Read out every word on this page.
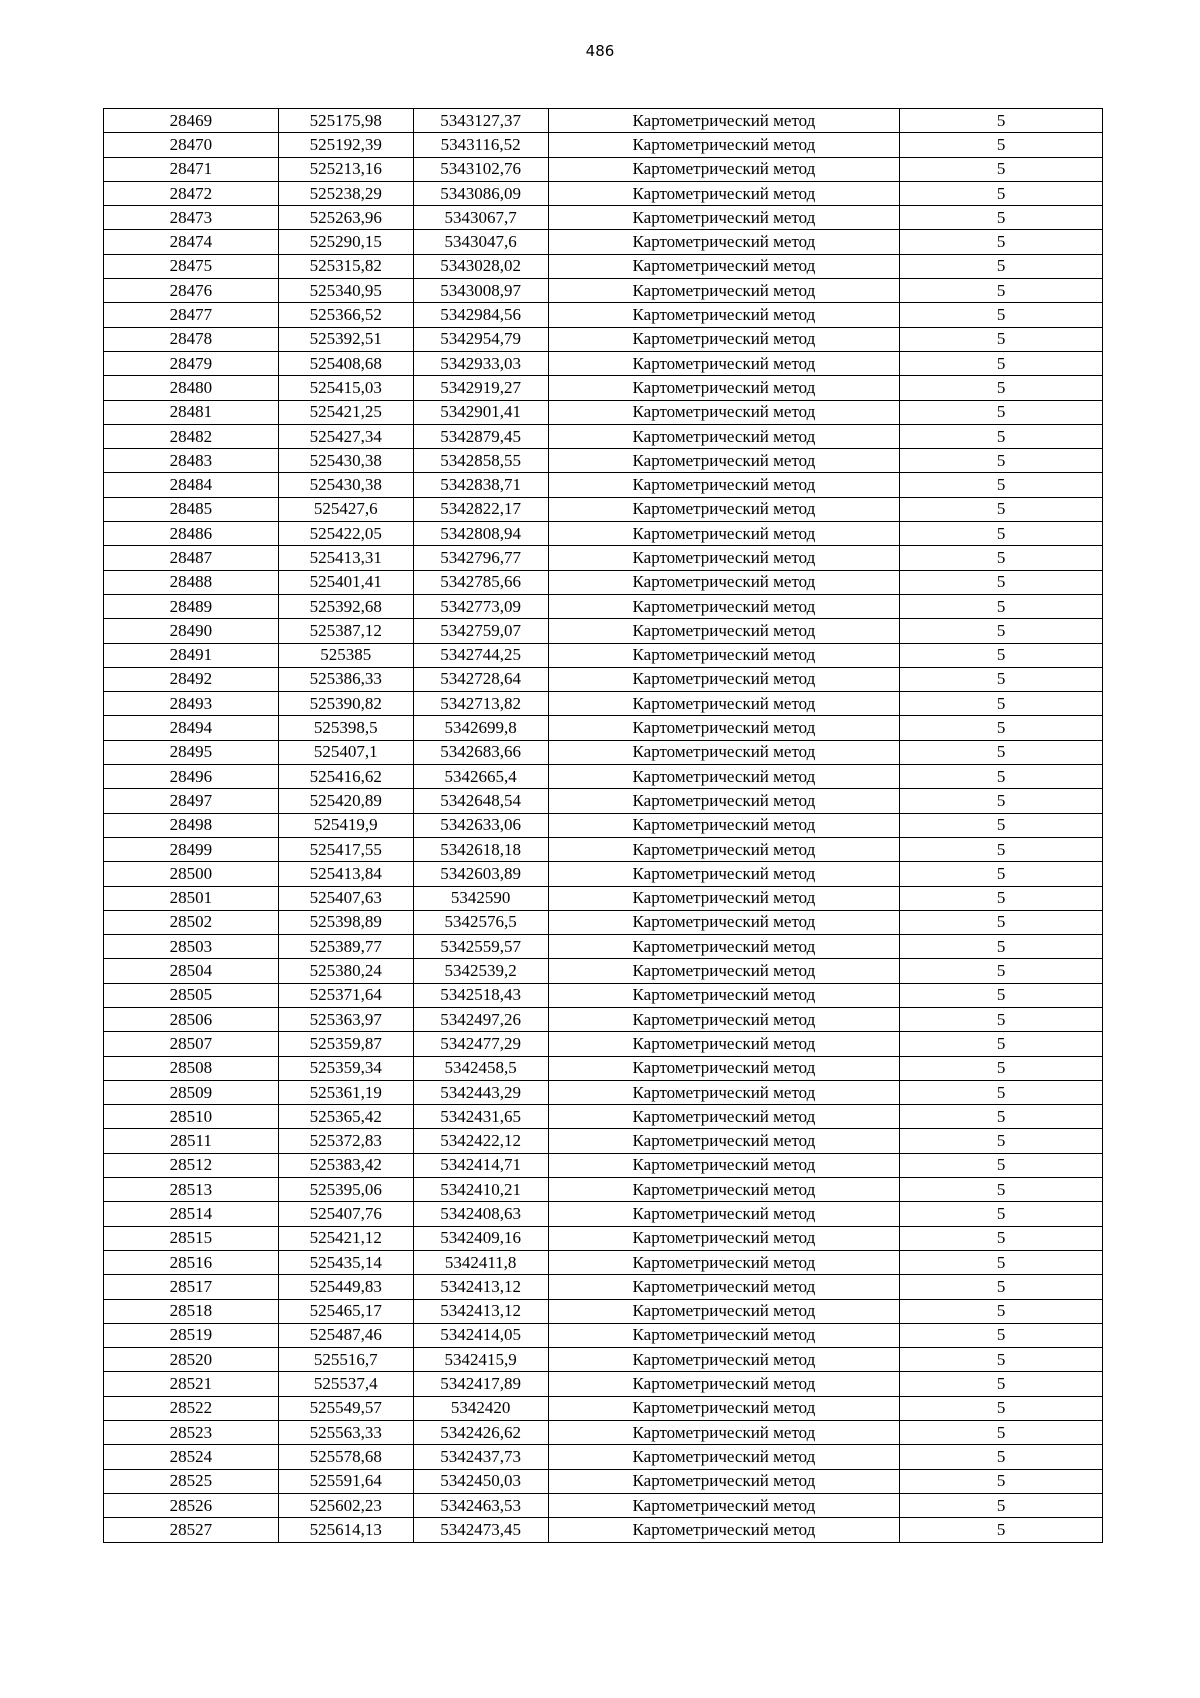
486
28469	525175,98	5343127,37	Картометрический метод	5
28470	525192,39	5343116,52	Картометрический метод	5
28471	525213,16	5343102,76	Картометрический метод	5
28472	525238,29	5343086,09	Картометрический метод	5
28473	525263,96	5343067,7	Картометрический метод	5
28474	525290,15	5343047,6	Картометрический метод	5
28475	525315,82	5343028,02	Картометрический метод	5
28476	525340,95	5343008,97	Картометрический метод	5
28477	525366,52	5342984,56	Картометрический метод	5
28478	525392,51	5342954,79	Картометрический метод	5
28479	525408,68	5342933,03	Картометрический метод	5
28480	525415,03	5342919,27	Картометрический метод	5
28481	525421,25	5342901,41	Картометрический метод	5
28482	525427,34	5342879,45	Картометрический метод	5
28483	525430,38	5342858,55	Картометрический метод	5
28484	525430,38	5342838,71	Картометрический метод	5
28485	525427,6	5342822,17	Картометрический метод	5
28486	525422,05	5342808,94	Картометрический метод	5
28487	525413,31	5342796,77	Картометрический метод	5
28488	525401,41	5342785,66	Картометрический метод	5
28489	525392,68	5342773,09	Картометрический метод	5
28490	525387,12	5342759,07	Картометрический метод	5
28491	525385	5342744,25	Картометрический метод	5
28492	525386,33	5342728,64	Картометрический метод	5
28493	525390,82	5342713,82	Картометрический метод	5
28494	525398,5	5342699,8	Картометрический метод	5
28495	525407,1	5342683,66	Картометрический метод	5
28496	525416,62	5342665,4	Картометрический метод	5
28497	525420,89	5342648,54	Картометрический метод	5
28498	525419,9	5342633,06	Картометрический метод	5
28499	525417,55	5342618,18	Картометрический метод	5
28500	525413,84	5342603,89	Картометрический метод	5
28501	525407,63	5342590	Картометрический метод	5
28502	525398,89	5342576,5	Картометрический метод	5
28503	525389,77	5342559,57	Картометрический метод	5
28504	525380,24	5342539,2	Картометрический метод	5
28505	525371,64	5342518,43	Картометрический метод	5
28506	525363,97	5342497,26	Картометрический метод	5
28507	525359,87	5342477,29	Картометрический метод	5
28508	525359,34	5342458,5	Картометрический метод	5
28509	525361,19	5342443,29	Картометрический метод	5
28510	525365,42	5342431,65	Картометрический метод	5
28511	525372,83	5342422,12	Картометрический метод	5
28512	525383,42	5342414,71	Картометрический метод	5
28513	525395,06	5342410,21	Картометрический метод	5
28514	525407,76	5342408,63	Картометрический метод	5
28515	525421,12	5342409,16	Картометрический метод	5
28516	525435,14	5342411,8	Картометрический метод	5
28517	525449,83	5342413,12	Картометрический метод	5
28518	525465,17	5342413,12	Картометрический метод	5
28519	525487,46	5342414,05	Картометрический метод	5
28520	525516,7	5342415,9	Картометрический метод	5
28521	525537,4	5342417,89	Картометрический метод	5
28522	525549,57	5342420	Картометрический метод	5
28523	525563,33	5342426,62	Картометрический метод	5
28524	525578,68	5342437,73	Картометрический метод	5
28525	525591,64	5342450,03	Картометрический метод	5
28526	525602,23	5342463,53	Картометрический метод	5
28527	525614,13	5342473,45	Картометрический метод	5
